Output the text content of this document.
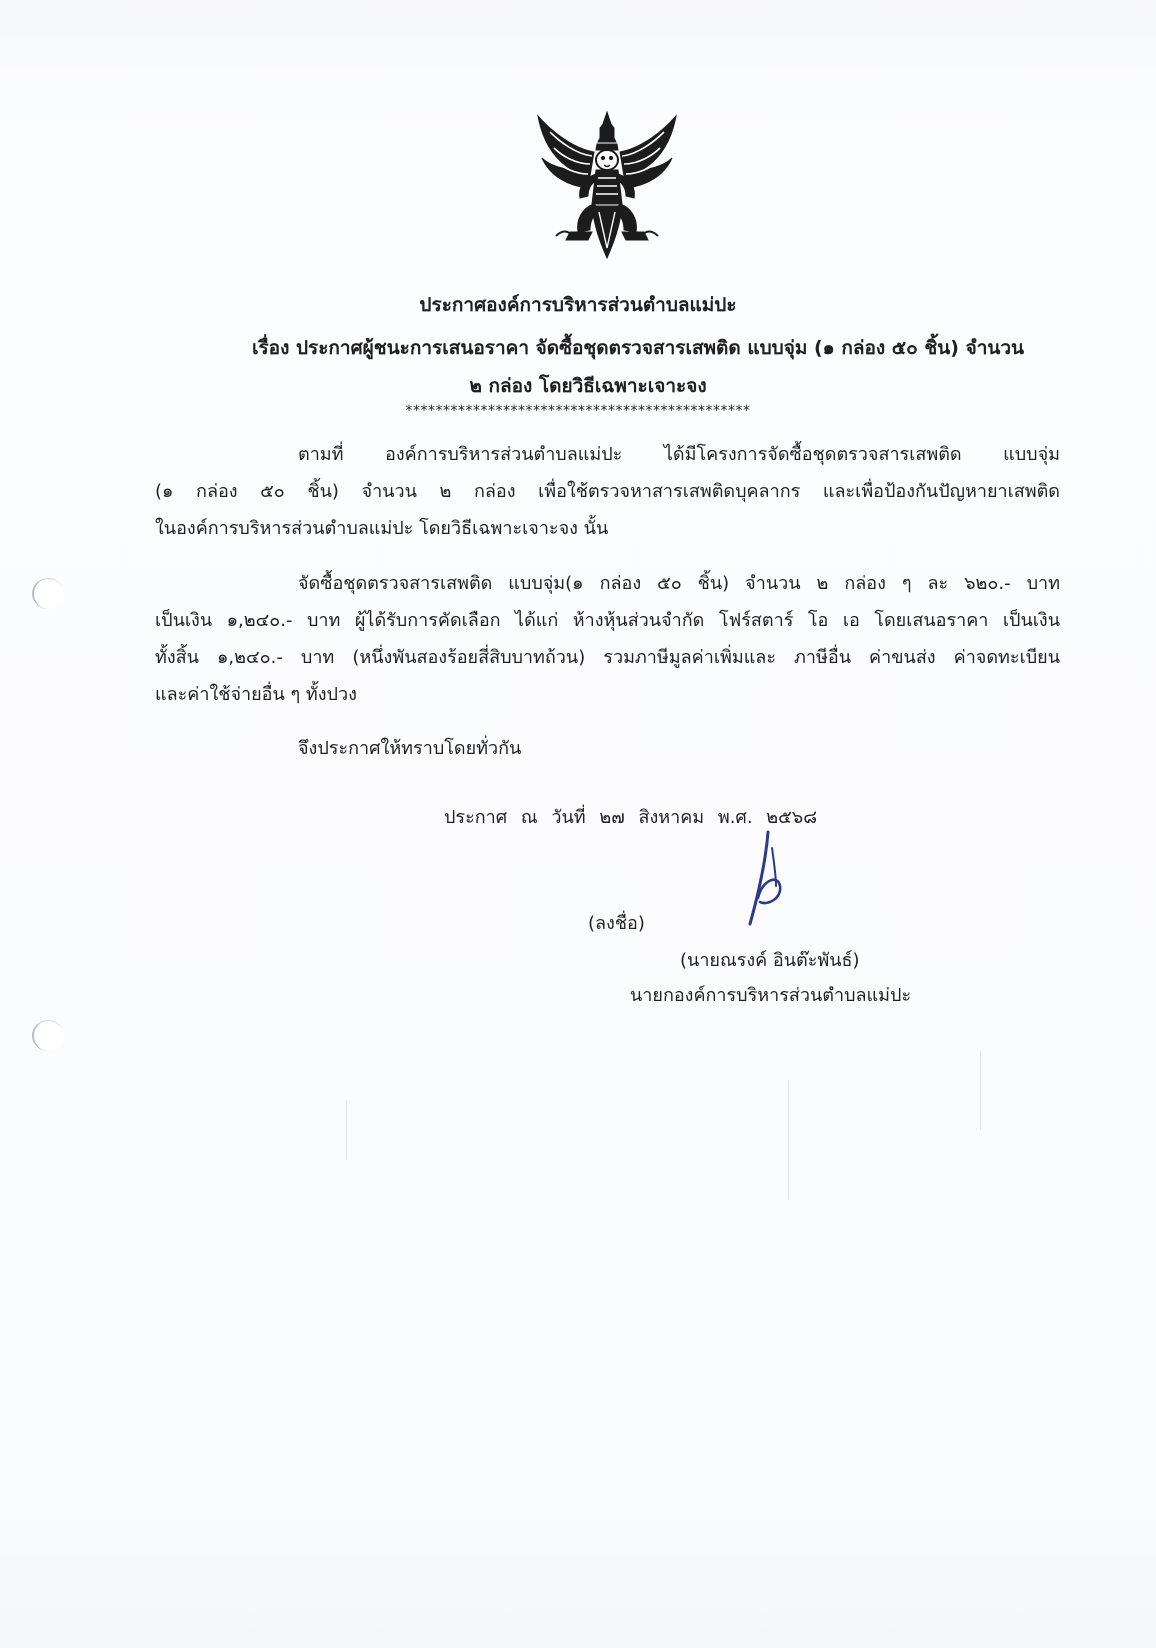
ประกาศองค์การบริหารส่วนตำบลแม่ปะ
เรื่อง ประกาศผู้ชนะการเสนอราคา จัดซื้อชุดตรวจสารเสพติด แบบจุ่ม (๑ กล่อง ๕๐ ชิ้น) จำนวน
๒ กล่อง โดยวิธีเฉพาะเจาะจง
**********************************************
ตามที่ องค์การบริหารส่วนตำบลแม่ปะ ได้มีโครงการจัดซื้อชุดตรวจสารเสพติด แบบจุ่ม
(๑ กล่อง ๕๐ ชิ้น) จำนวน ๒ กล่อง เพื่อใช้ตรวจหาสารเสพติดบุคลากร และเพื่อป้องกันปัญหายาเสพติด
ในองค์การบริหารส่วนตำบลแม่ปะ โดยวิธีเฉพาะเจาะจง นั้น
จัดซื้อชุดตรวจสารเสพติด แบบจุ่ม(๑ กล่อง ๕๐ ชิ้น) จำนวน ๒ กล่อง ๆ ละ ๖๒๐.- บาท
เป็นเงิน ๑,๒๔๐.- บาท ผู้ได้รับการคัดเลือก ได้แก่ ห้างหุ้นส่วนจำกัด โฟร์สตาร์ โอ เอ โดยเสนอราคา เป็นเงิน
ทั้งสิ้น ๑,๒๔๐.- บาท (หนึ่งพันสองร้อยสี่สิบบาทถ้วน) รวมภาษีมูลค่าเพิ่มและ ภาษีอื่น ค่าขนส่ง ค่าจดทะเบียน
และค่าใช้จ่ายอื่น ๆ ทั้งปวง
จึงประกาศให้ทราบโดยทั่วกัน
ประกาศ ณ วันที่ ๒๗ สิงหาคม พ.ศ. ๒๕๖๘
(ลงชื่อ)
(นายณรงค์ อินต๊ะพันธ์)
นายกองค์การบริหารส่วนตำบลแม่ปะ
